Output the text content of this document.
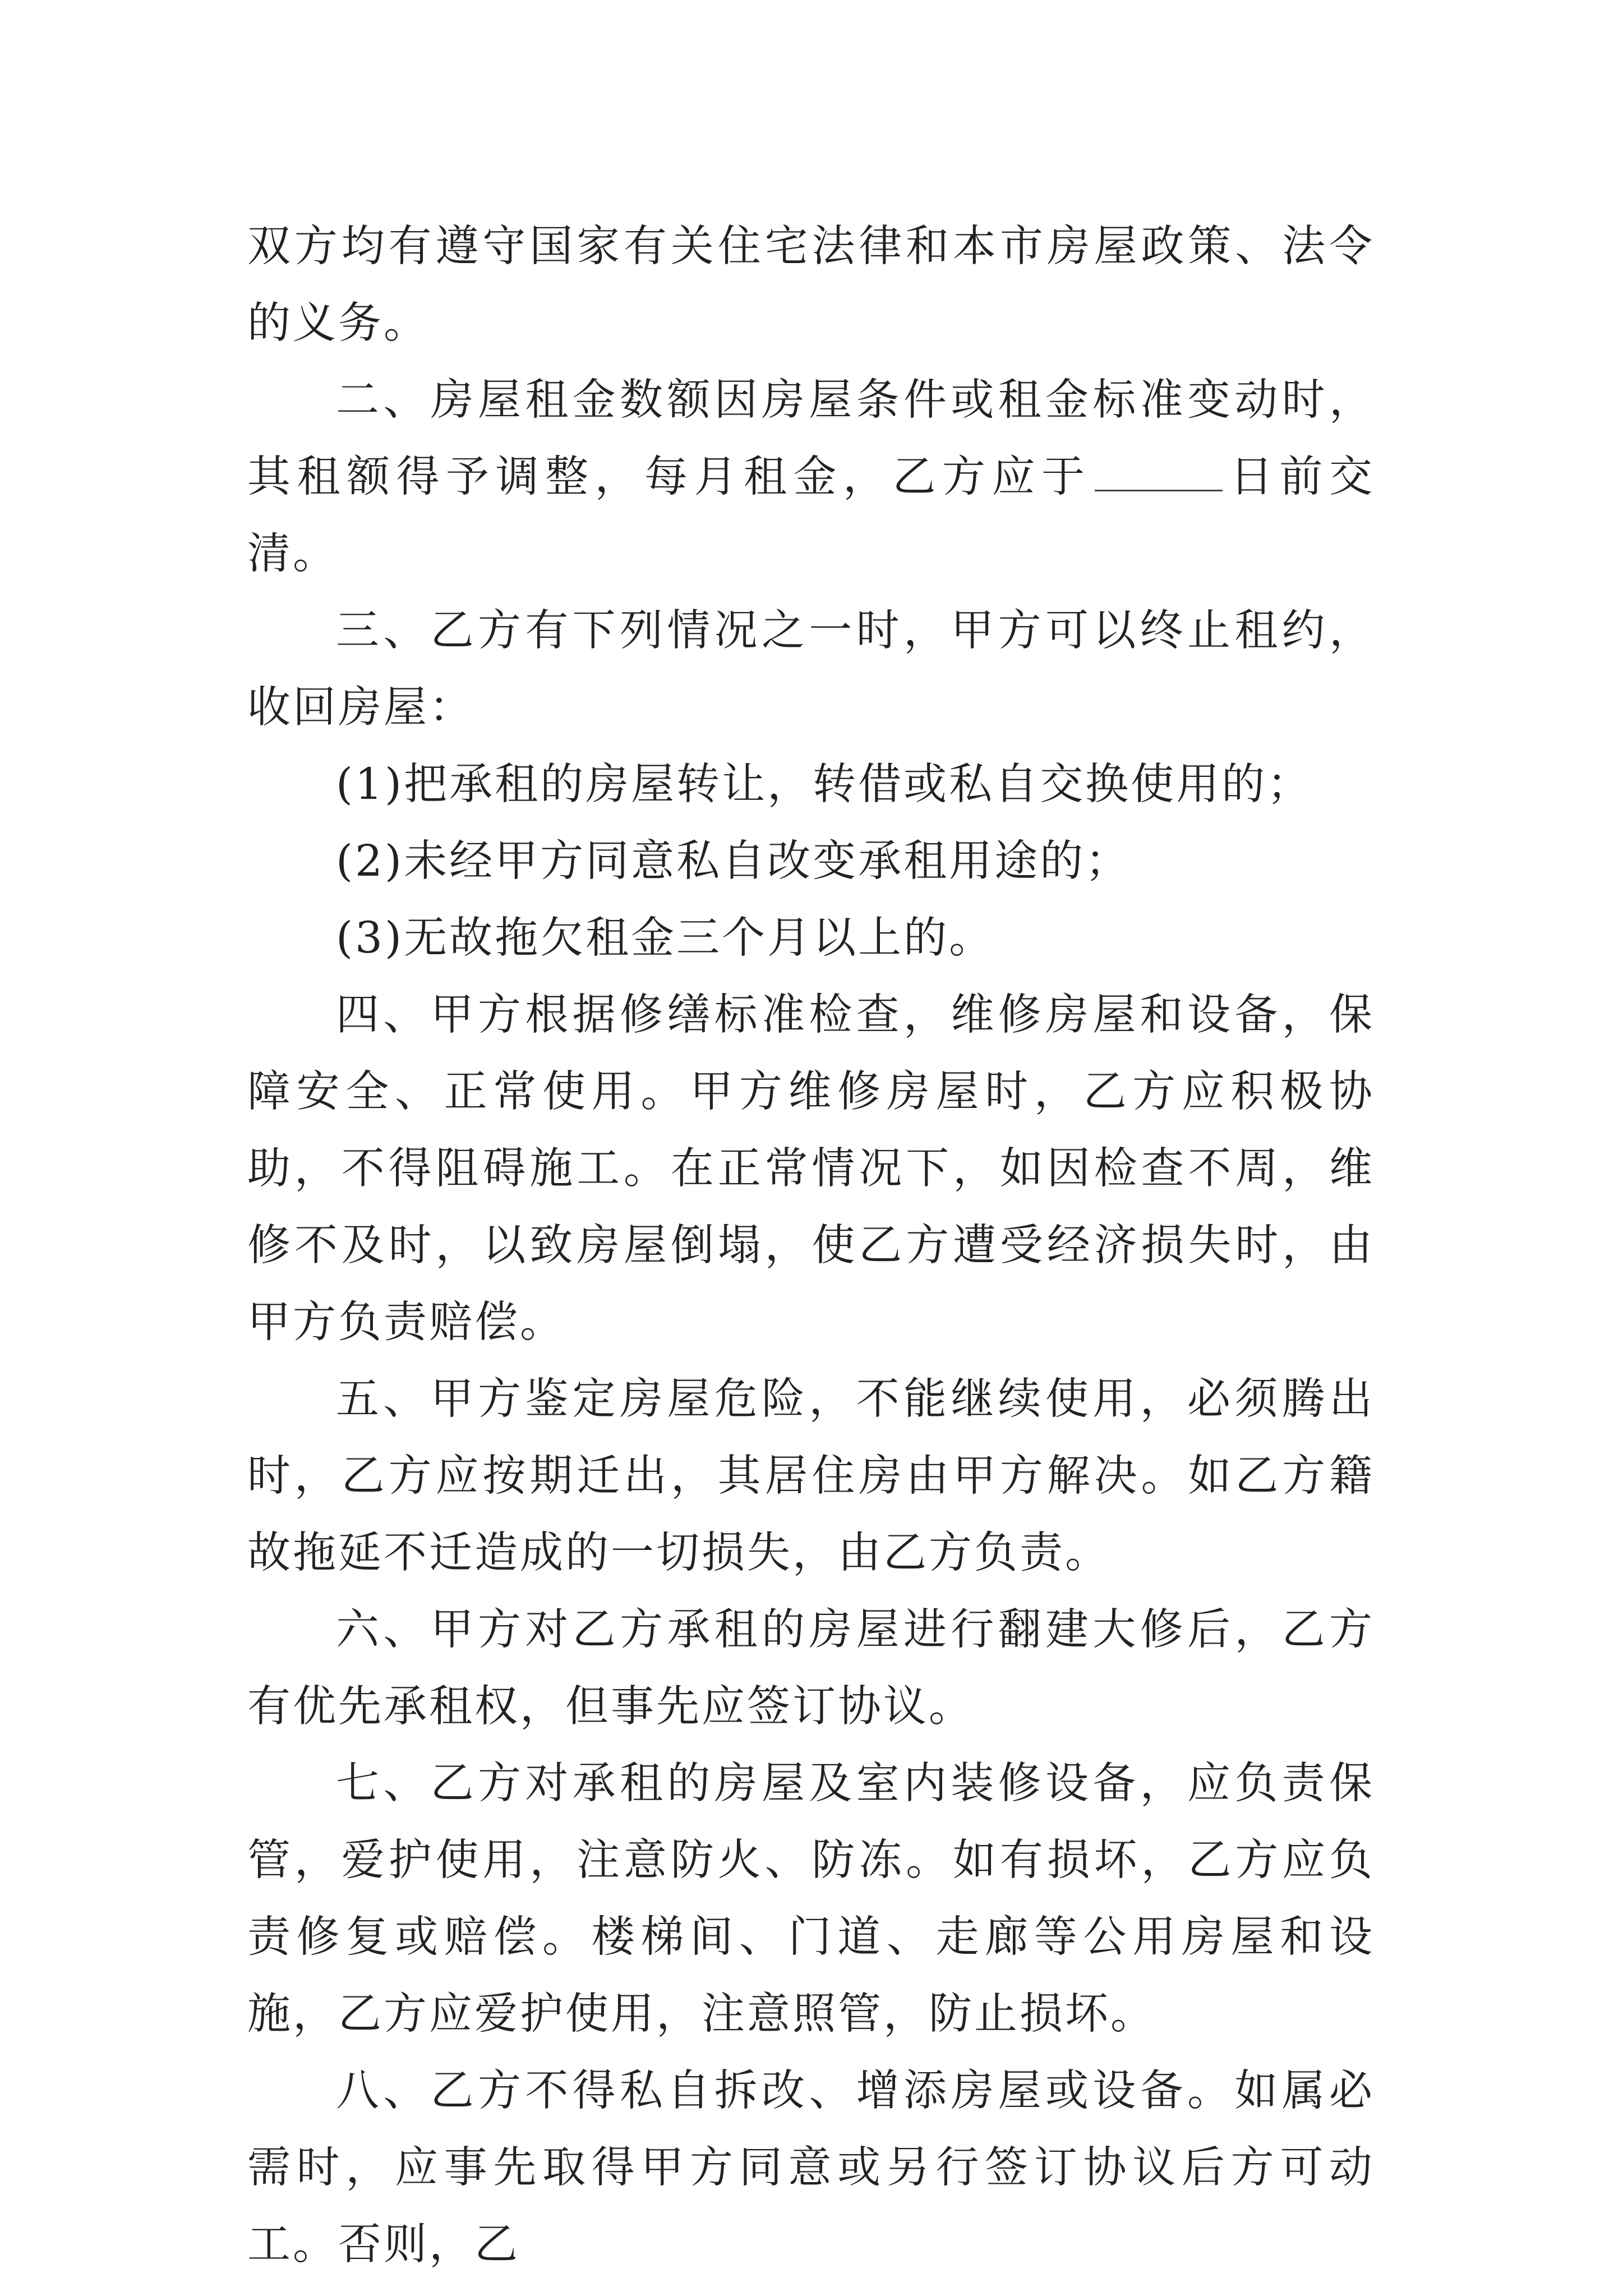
双方均有遵守国家有关住宅法律和本市房屋政策、法令的义务。

二、房屋租金数额因房屋条件或租金标准变动时，其租额得予调整，每月租金，乙方应于	日前交清。

三、乙方有下列情况之一时，甲方可以终止租约，收回房屋：

(1)把承租的房屋转让，转借或私自交换使用的；

(2)未经甲方同意私自改变承租用途的；

(3)无故拖欠租金三个月以上的。

四、甲方根据修缮标准检查，维修房屋和设备，保障安全、正常使用。甲方维修房屋时，乙方应积极协助，不得阻碍施工。在正常情况下，如因检查不周，维修不及时，以致房屋倒塌，使乙方遭受经济损失时，由甲方负责赔偿。

五、甲方鉴定房屋危险，不能继续使用，必须腾出时，乙方应按期迁出，其居住房由甲方解决。如乙方籍故拖延不迁造成的一切损失，由乙方负责。

六、甲方对乙方承租的房屋进行翻建大修后，乙方有优先承租权，但事先应签订协议。

七、乙方对承租的房屋及室内装修设备，应负责保管，爱护使用，注意防火、防冻。如有损坏，乙方应负责修复或赔偿。楼梯间、门道、走廊等公用房屋和设施，乙方应爱护使用，注意照管，防止损坏。

八、乙方不得私自拆改、增添房屋或设备。如属必需时，应事先取得甲方同意或另行签订协议后方可动工。否则，乙
